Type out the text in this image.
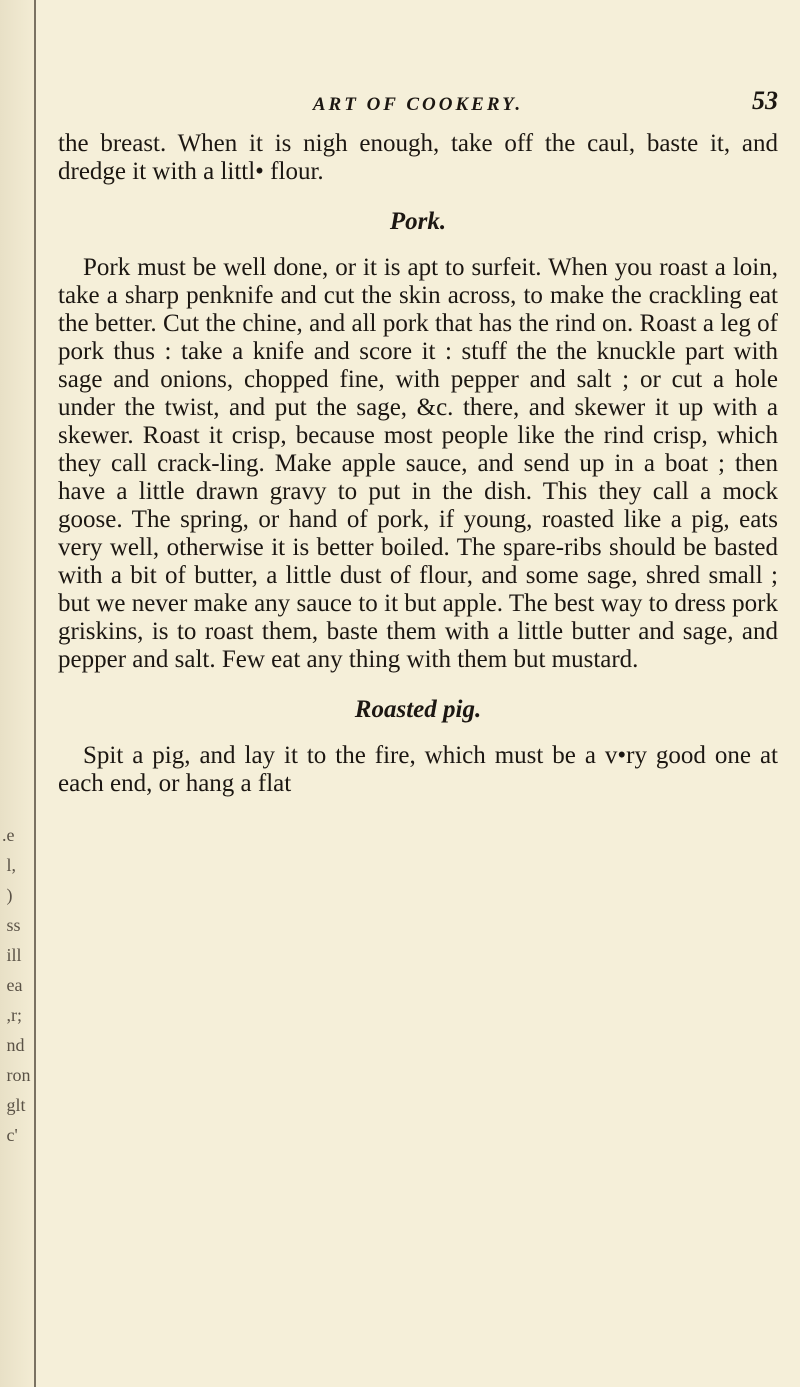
.e
l,
)
ss
ill
ea
,r;
nd
ron
glt
c'
ART OF COOKERY.	53

the breast. When it is nigh enough, take off the caul, baste it, and dredge it with a littl• flour.

Pork.

Pork must be well done, or it is apt to surfeit. When you roast a loin, take a sharp penknife and cut the skin across, to make the crackling eat the better. Cut the chine, and all pork that has the rind on. Roast a leg of pork thus : take a knife and score it : stuff the the knuckle part with sage and onions, chopped fine, with pepper and salt ; or cut a hole under the twist, and put the sage, &c. there, and skewer it up with a skewer. Roast it crisp, because most people like the rind crisp, which they call crack-ling. Make apple sauce, and send up in a boat ; then have a little drawn gravy to put in the dish. This they call a mock goose. The spring, or hand of pork, if young, roasted like a pig, eats very well, otherwise it is better boiled. The spare-ribs should be basted with a bit of butter, a little dust of flour, and some sage, shred small ; but we never make any sauce to it but apple. The best way to dress pork griskins, is to roast them, baste them with a little butter and sage, and pepper and salt. Few eat any thing with them but mustard.

Roasted pig.

Spit a pig, and lay it to the fire, which must be a v•ry good one at each end, or hang a flat
